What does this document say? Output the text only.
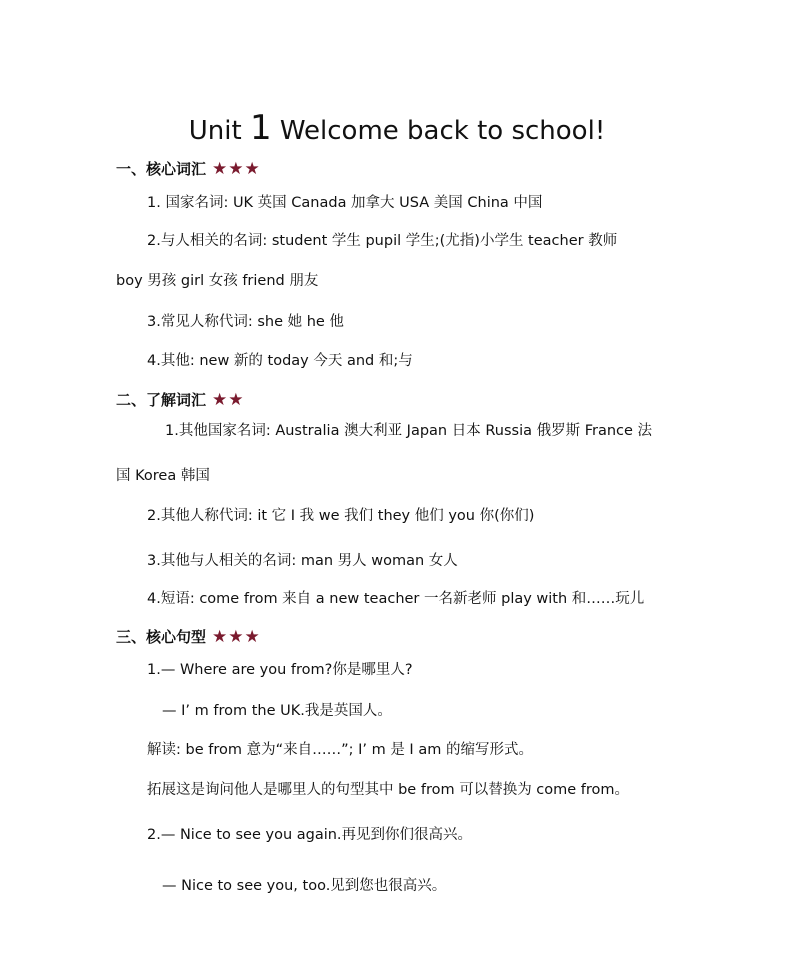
Unit 1 Welcome back to school!
一、核心词汇 ★★★
1. 国家名词: UK 英国 Canada 加拿大 USA 美国 China 中国
2.与人相关的名词: student 学生 pupil 学生;(尤指)小学生 teacher 教师
boy 男孩 girl 女孩 friend 朋友
3.常见人称代词: she 她 he 他
4.其他: new 新的 today 今天 and 和;与
二、了解词汇 ★★
1.其他国家名词: Australia 澳大利亚 Japan 日本 Russia 俄罗斯 France 法
国 Korea 韩国
2.其他人称代词: it 它 I 我 we 我们 they 他们 you 你(你们)
3.其他与人相关的名词: man 男人 woman 女人
4.短语: come from 来自 a new teacher 一名新老师 play with 和……玩儿
三、核心句型 ★★★
1.— Where are you from?你是哪里人?
— I’ m from the UK.我是英国人。
解读: be from 意为“来自……”; I’ m 是 I am 的缩写形式。
拓展这是询问他人是哪里人的句型其中 be from 可以替换为 come from。
2.— Nice to see you again.再见到你们很高兴。
— Nice to see you, too.见到您也很高兴。
